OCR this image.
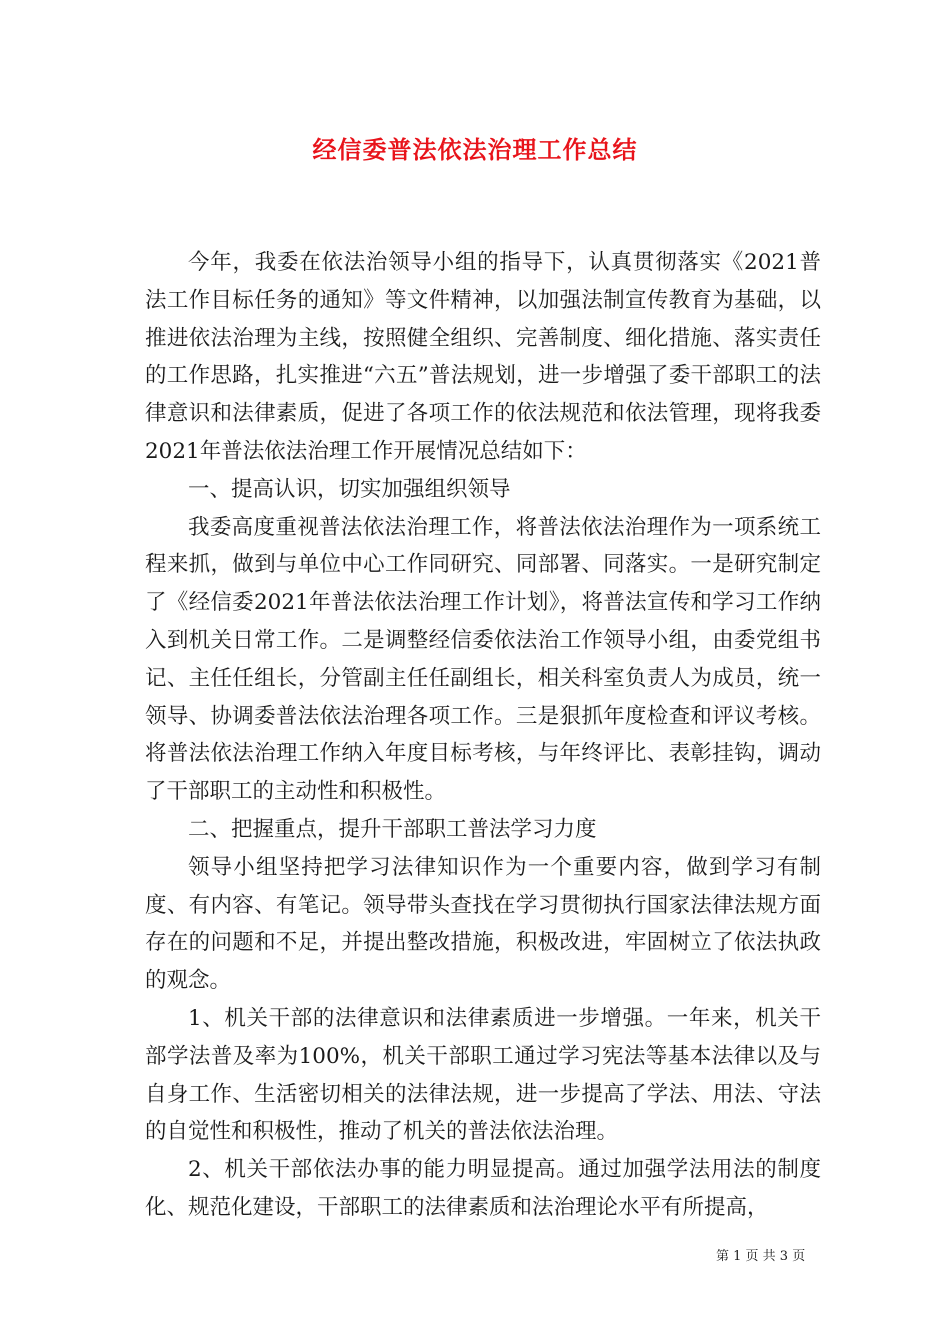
经信委普法依法治理工作总结

今年，我委在依法治领导小组的指导下，认真贯彻落实《2021普法工作目标任务的通知》等文件精神，以加强法制宣传教育为基础，以推进依法治理为主线，按照健全组织、完善制度、细化措施、落实责任的工作思路，扎实推进“六五”普法规划，进一步增强了委干部职工的法律意识和法律素质，促进了各项工作的依法规范和依法管理，现将我委2021年普法依法治理工作开展情况总结如下：

一、提高认识，切实加强组织领导

我委高度重视普法依法治理工作，将普法依法治理作为一项系统工程来抓，做到与单位中心工作同研究、同部署、同落实。一是研究制定了《经信委2021年普法依法治理工作计划》，将普法宣传和学习工作纳入到机关日常工作。二是调整经信委依法治工作领导小组，由委党组书记、主任任组长，分管副主任任副组长，相关科室负责人为成员，统一领导、协调委普法依法治理各项工作。三是狠抓年度检查和评议考核。将普法依法治理工作纳入年度目标考核，与年终评比、表彰挂钩，调动了干部职工的主动性和积极性。

二、把握重点，提升干部职工普法学习力度

领导小组坚持把学习法律知识作为一个重要内容，做到学习有制度、有内容、有笔记。领导带头查找在学习贯彻执行国家法律法规方面存在的问题和不足，并提出整改措施，积极改进，牢固树立了依法执政的观念。

1、机关干部的法律意识和法律素质进一步增强。一年来，机关干部学法普及率为100%，机关干部职工通过学习宪法等基本法律以及与自身工作、生活密切相关的法律法规，进一步提高了学法、用法、守法的自觉性和积极性，推动了机关的普法依法治理。

2、机关干部依法办事的能力明显提高。通过加强学法用法的制度化、规范化建设，干部职工的法律素质和法治理论水平有所提高，

第 1 页 共 3 页
